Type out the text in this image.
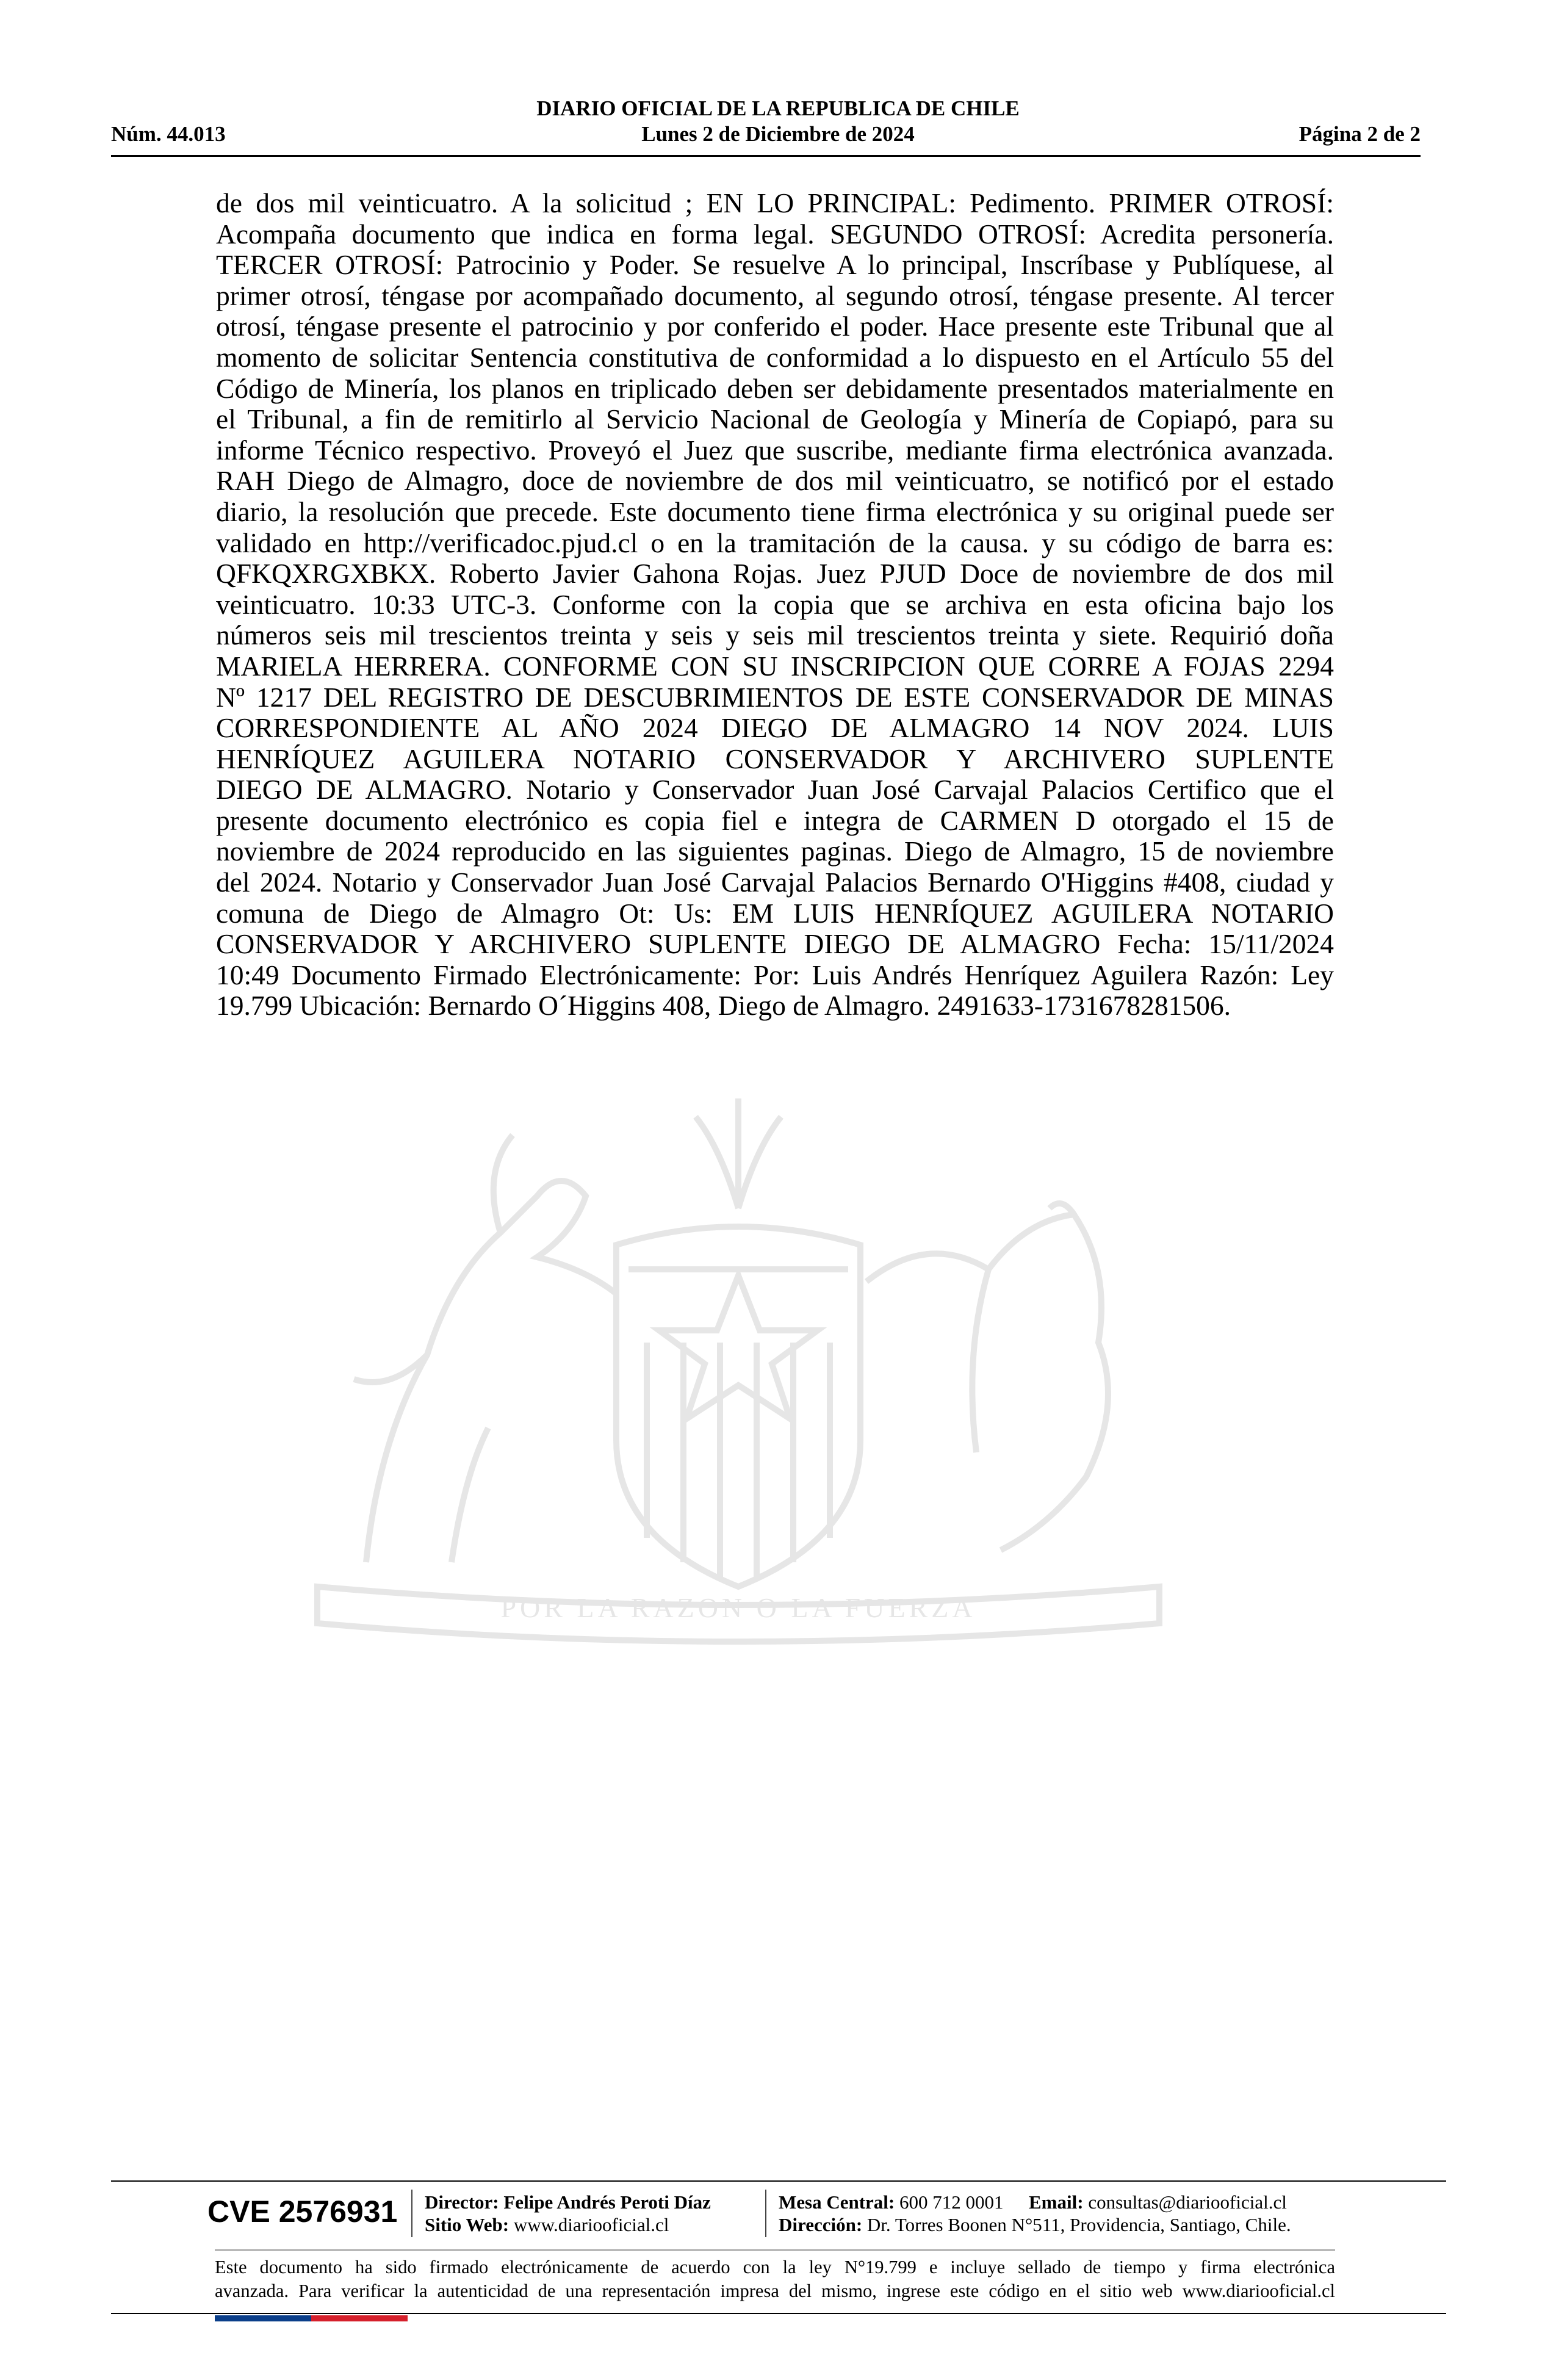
DIARIO OFICIAL DE LA REPUBLICA DE CHILE
Núm. 44.013	Lunes 2 de Diciembre de 2024	Página 2 de 2
POR LA RAZON O LA FUERZA
de dos mil veinticuatro. A la solicitud ; EN LO PRINCIPAL: Pedimento. PRIMER OTROSÍ:
Acompaña documento que indica en forma legal. SEGUNDO OTROSÍ: Acredita personería.
TERCER OTROSÍ: Patrocinio y Poder. Se resuelve A lo principal, Inscríbase y Publíquese, al
primer otrosí, téngase por acompañado documento, al segundo otrosí, téngase presente. Al tercer
otrosí, téngase presente el patrocinio y por conferido el poder. Hace presente este Tribunal que al
momento de solicitar Sentencia constitutiva de conformidad a lo dispuesto en el Artículo 55 del
Código de Minería, los planos en triplicado deben ser debidamente presentados materialmente en
el Tribunal, a fin de remitirlo al Servicio Nacional de Geología y Minería de Copiapó, para su
informe Técnico respectivo. Proveyó el Juez que suscribe, mediante firma electrónica avanzada.
RAH Diego de Almagro, doce de noviembre de dos mil veinticuatro, se notificó por el estado
diario, la resolución que precede. Este documento tiene firma electrónica y su original puede ser
validado en http://verificadoc.pjud.cl o en la tramitación de la causa. y su código de barra es:
QFKQXRGXBKX. Roberto Javier Gahona Rojas. Juez PJUD Doce de noviembre de dos mil
veinticuatro. 10:33 UTC-3. Conforme con la copia que se archiva en esta oficina bajo los
números seis mil trescientos treinta y seis y seis mil trescientos treinta y siete. Requirió doña
MARIELA HERRERA. CONFORME CON SU INSCRIPCION QUE CORRE A FOJAS 2294
Nº 1217 DEL REGISTRO DE DESCUBRIMIENTOS DE ESTE CONSERVADOR DE MINAS
CORRESPONDIENTE AL AÑO 2024 DIEGO DE ALMAGRO 14 NOV 2024. LUIS
HENRÍQUEZ AGUILERA NOTARIO CONSERVADOR Y ARCHIVERO SUPLENTE
DIEGO DE ALMAGRO. Notario y Conservador Juan José Carvajal Palacios Certifico que el
presente documento electrónico es copia fiel e integra de CARMEN D otorgado el 15 de
noviembre de 2024 reproducido en las siguientes paginas. Diego de Almagro, 15 de noviembre
del 2024. Notario y Conservador Juan José Carvajal Palacios Bernardo O'Higgins #408, ciudad y
comuna de Diego de Almagro Ot: Us: EM LUIS HENRÍQUEZ AGUILERA NOTARIO
CONSERVADOR Y ARCHIVERO SUPLENTE DIEGO DE ALMAGRO Fecha: 15/11/2024
10:49 Documento Firmado Electrónicamente: Por: Luis Andrés Henríquez Aguilera Razón: Ley
19.799 Ubicación: Bernardo O´Higgins 408, Diego de Almagro. 2491633-1731678281506.
CVE 2576931	Director: Felipe Andrés Peroti Díaz
Sitio Web: www.diariooficial.cl
Mesa Central: 600 712 0001 Email: consultas@diariooficial.cl
Dirección: Dr. Torres Boonen N°511, Providencia, Santiago, Chile.
Este documento ha sido firmado electrónicamente de acuerdo con la ley N°19.799 e incluye sellado de tiempo y firma electrónica
avanzada. Para verificar la autenticidad de una representación impresa del mismo, ingrese este código en el sitio web www.diariooficial.cl
